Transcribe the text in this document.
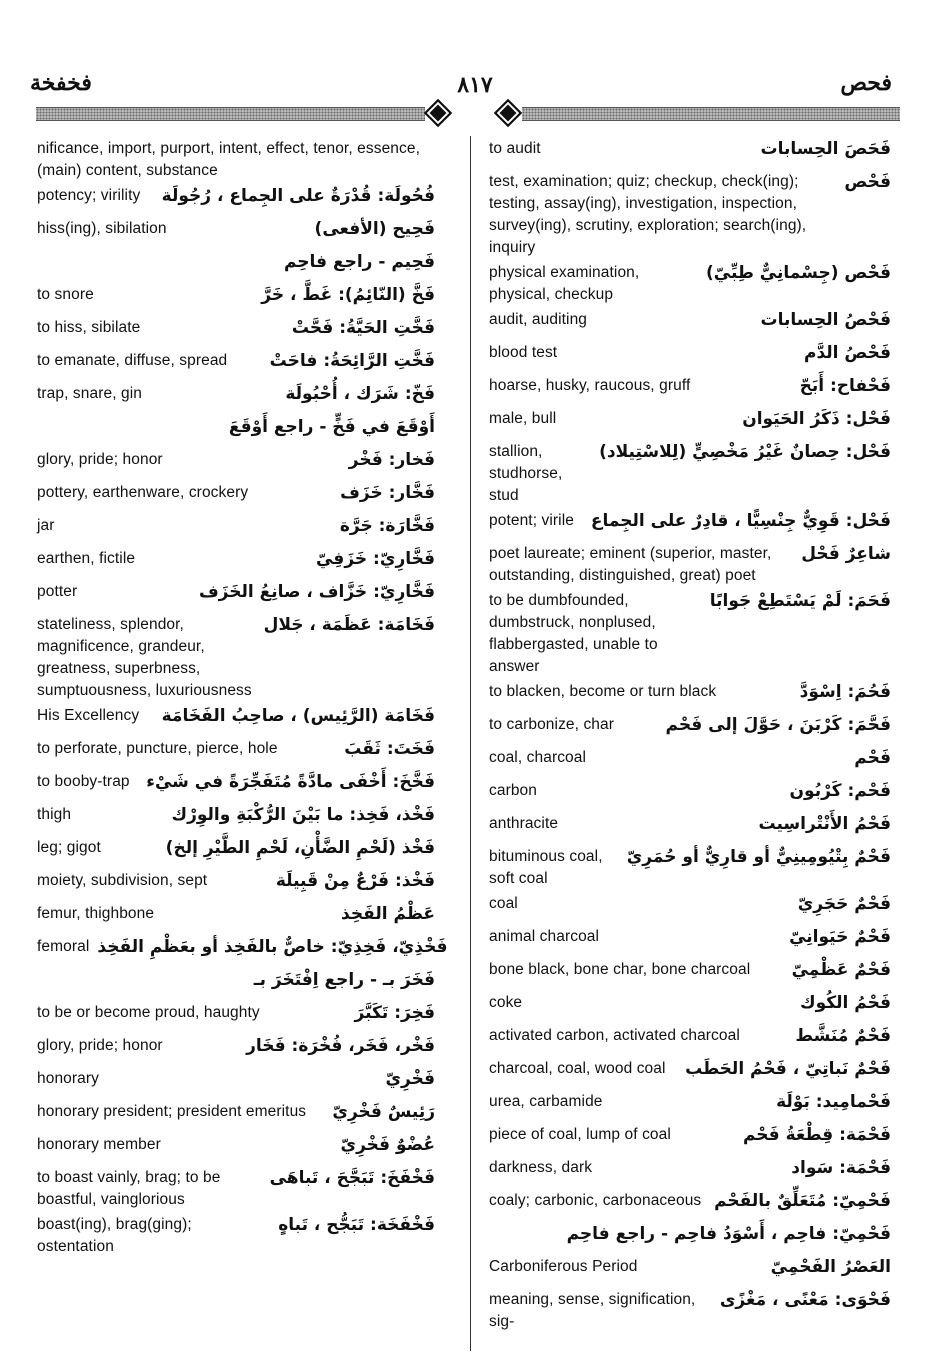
فخفخة	٨١٧	فحص
nificance, import, purport, intent, effect, tenor, essence, (main) content, substance
potency; virility	فُحُولَة: قُدْرَةٌ على الجِماع ، رُجُولَة
hiss(ing), sibilation	فَحِيح (الأفعى)
فَحِيم - راجع فاحِم
to snore	فَخَّ (النّائِمُ): غَطَّ ، خَرَّ
to hiss, sibilate	فَخَّتِ الحَيَّةُ: فَحَّتْ
to emanate, diffuse, spread	فَخَّتِ الرَّائِحَةُ: فاحَتْ
trap, snare, gin	فَخّ: شَرَك ، أُحْبُولَة
أَوْقَعَ في فَخٍّ - راجع أَوْقَعَ
glory, pride; honor	فَخار: فَخْر
pottery, earthenware, crockery	فَخَّار: خَزَف
jar	فَخَّارَة: جَرَّة
earthen, fictile	فَخَّارِيّ: خَزَفِيّ
potter	فَخَّارِيّ: خَزَّاف ، صانِعُ الخَزَف
stateliness, splendor, magnificence, grandeur, greatness, superbness, sumptuousness, luxuriousness
فَخَامَة: عَظَمَة ، جَلال
His Excellency	فَخَامَة (الرَّئِيس) ، صاحِبُ الفَخَامَة
to perforate, puncture, pierce, hole	فَخَتَ: ثَقَبَ
to booby-trap فَخَّخَ: أَخْفَى مادَّةً مُتَفَجِّرَةً في شَيْء
thigh	فَخْذ، فَخِذ: ما بَيْنَ الرُّكْبَةِ والوِرْك
leg; gigot	فَخْذ (لَحْمِ الضَّأْنِ، لَحْمِ الطَّيْرِ إلخ)
moiety, subdivision, sept	فَخْذ: فَرْعٌ مِنْ قَبِيلَة
femur, thighbone	عَظْمُ الفَخِذ
femoral فَخْذِيّ، فَخِذِيّ: خاصٌّ بالفَخِذ أو بعَظْمِ الفَخِذ
فَخَرَ بـ - راجع اِفْتَخَرَ بـ
to be or become proud, haughty	فَخِرَ: تَكَبَّرَ
glory, pride; honor	فَخْر، فَخَر، فُخْرَة: فَخَار
honorary	فَخْرِيّ
honorary president; president emeritus	رَئِيسٌ فَخْرِيّ
honorary member	عُضْوٌ فَخْرِيّ
to boast vainly, brag; to be boastful, vainglorious
فَخْفَخَ: تَبَجَّحَ ، تَباهَى
boast(ing), brag(ging); ostentation
فَخْفَخَة: تَبَجُّح ، تَباهٍ
to audit	فَحَصَ الحِسابات
test, examination; quiz; checkup, check(ing); testing, assay(ing), investigation, inspection, survey(ing), scrutiny, exploration; search(ing), inquiry
فَحْص
physical examination, physical, checkup
فَحْص (جِسْمانِيٌّ طِبِّيّ)
audit, auditing	فَحْصُ الحِسابات
blood test	فَحْصُ الدَّم
hoarse, husky, raucous, gruff	فَحْفاح: أَبَحّ
male, bull	فَحْل: ذَكَرُ الحَيَوان
stallion, studhorse, stud
فَحْل: حِصانٌ غَيْرُ مَخْصِيٍّ (لِلاسْتِيلاد)
potent; virile فَحْل: قَوِيٌّ جِنْسِيًّا ، قادِرٌ على الجِماع
poet laureate; eminent (superior, master, outstanding, distinguished, great) poet
شاعِرٌ فَحْل
to be dumbfounded, dumbstruck, nonplused, flabbergasted, unable to answer
فَحَمَ: لَمْ يَسْتَطِعْ جَوابًا
to blacken, become or turn black	فَحُمَ: اِسْوَدَّ
to carbonize, char	فَحَّمَ: كَرْبَنَ ، حَوَّلَ إلى فَحْم
coal, charcoal	فَحْم
carbon	فَحْم: كَرْبُون
anthracite	فَحْمُ الأَنْتْراسِيت
bituminous coal, soft coal
فَحْمٌ بِتْيُومِينِيٌّ أو قارِيٌّ أو حُمَرِيّ
coal	فَحْمٌ حَجَرِيّ
animal charcoal	فَحْمٌ حَيَوانِيّ
bone black, bone char, bone charcoal	فَحْمٌ عَظْمِيّ
coke	فَحْمُ الكُوك
activated carbon, activated charcoal	فَحْمٌ مُنَشَّط
charcoal, coal, wood coal	فَحْمٌ نَباتِيّ ، فَحْمُ الحَطَب
urea, carbamide	فَحْمامِيد: بَوْلَة
piece of coal, lump of coal	فَحْمَة: قِطْعَةُ فَحْم
darkness, dark	فَحْمَة: سَواد
coaly; carbonic, carbonaceous فَحْمِيّ: مُتَعَلِّقٌ بالفَحْم
فَحْمِيّ: فاحِم ، أَسْوَدُ فاحِم - راجع فاحِم
Carboniferous Period	العَصْرُ الفَحْمِيّ
meaning, sense, signification, sig-
فَحْوَى: مَعْنًى ، مَغْزًى
